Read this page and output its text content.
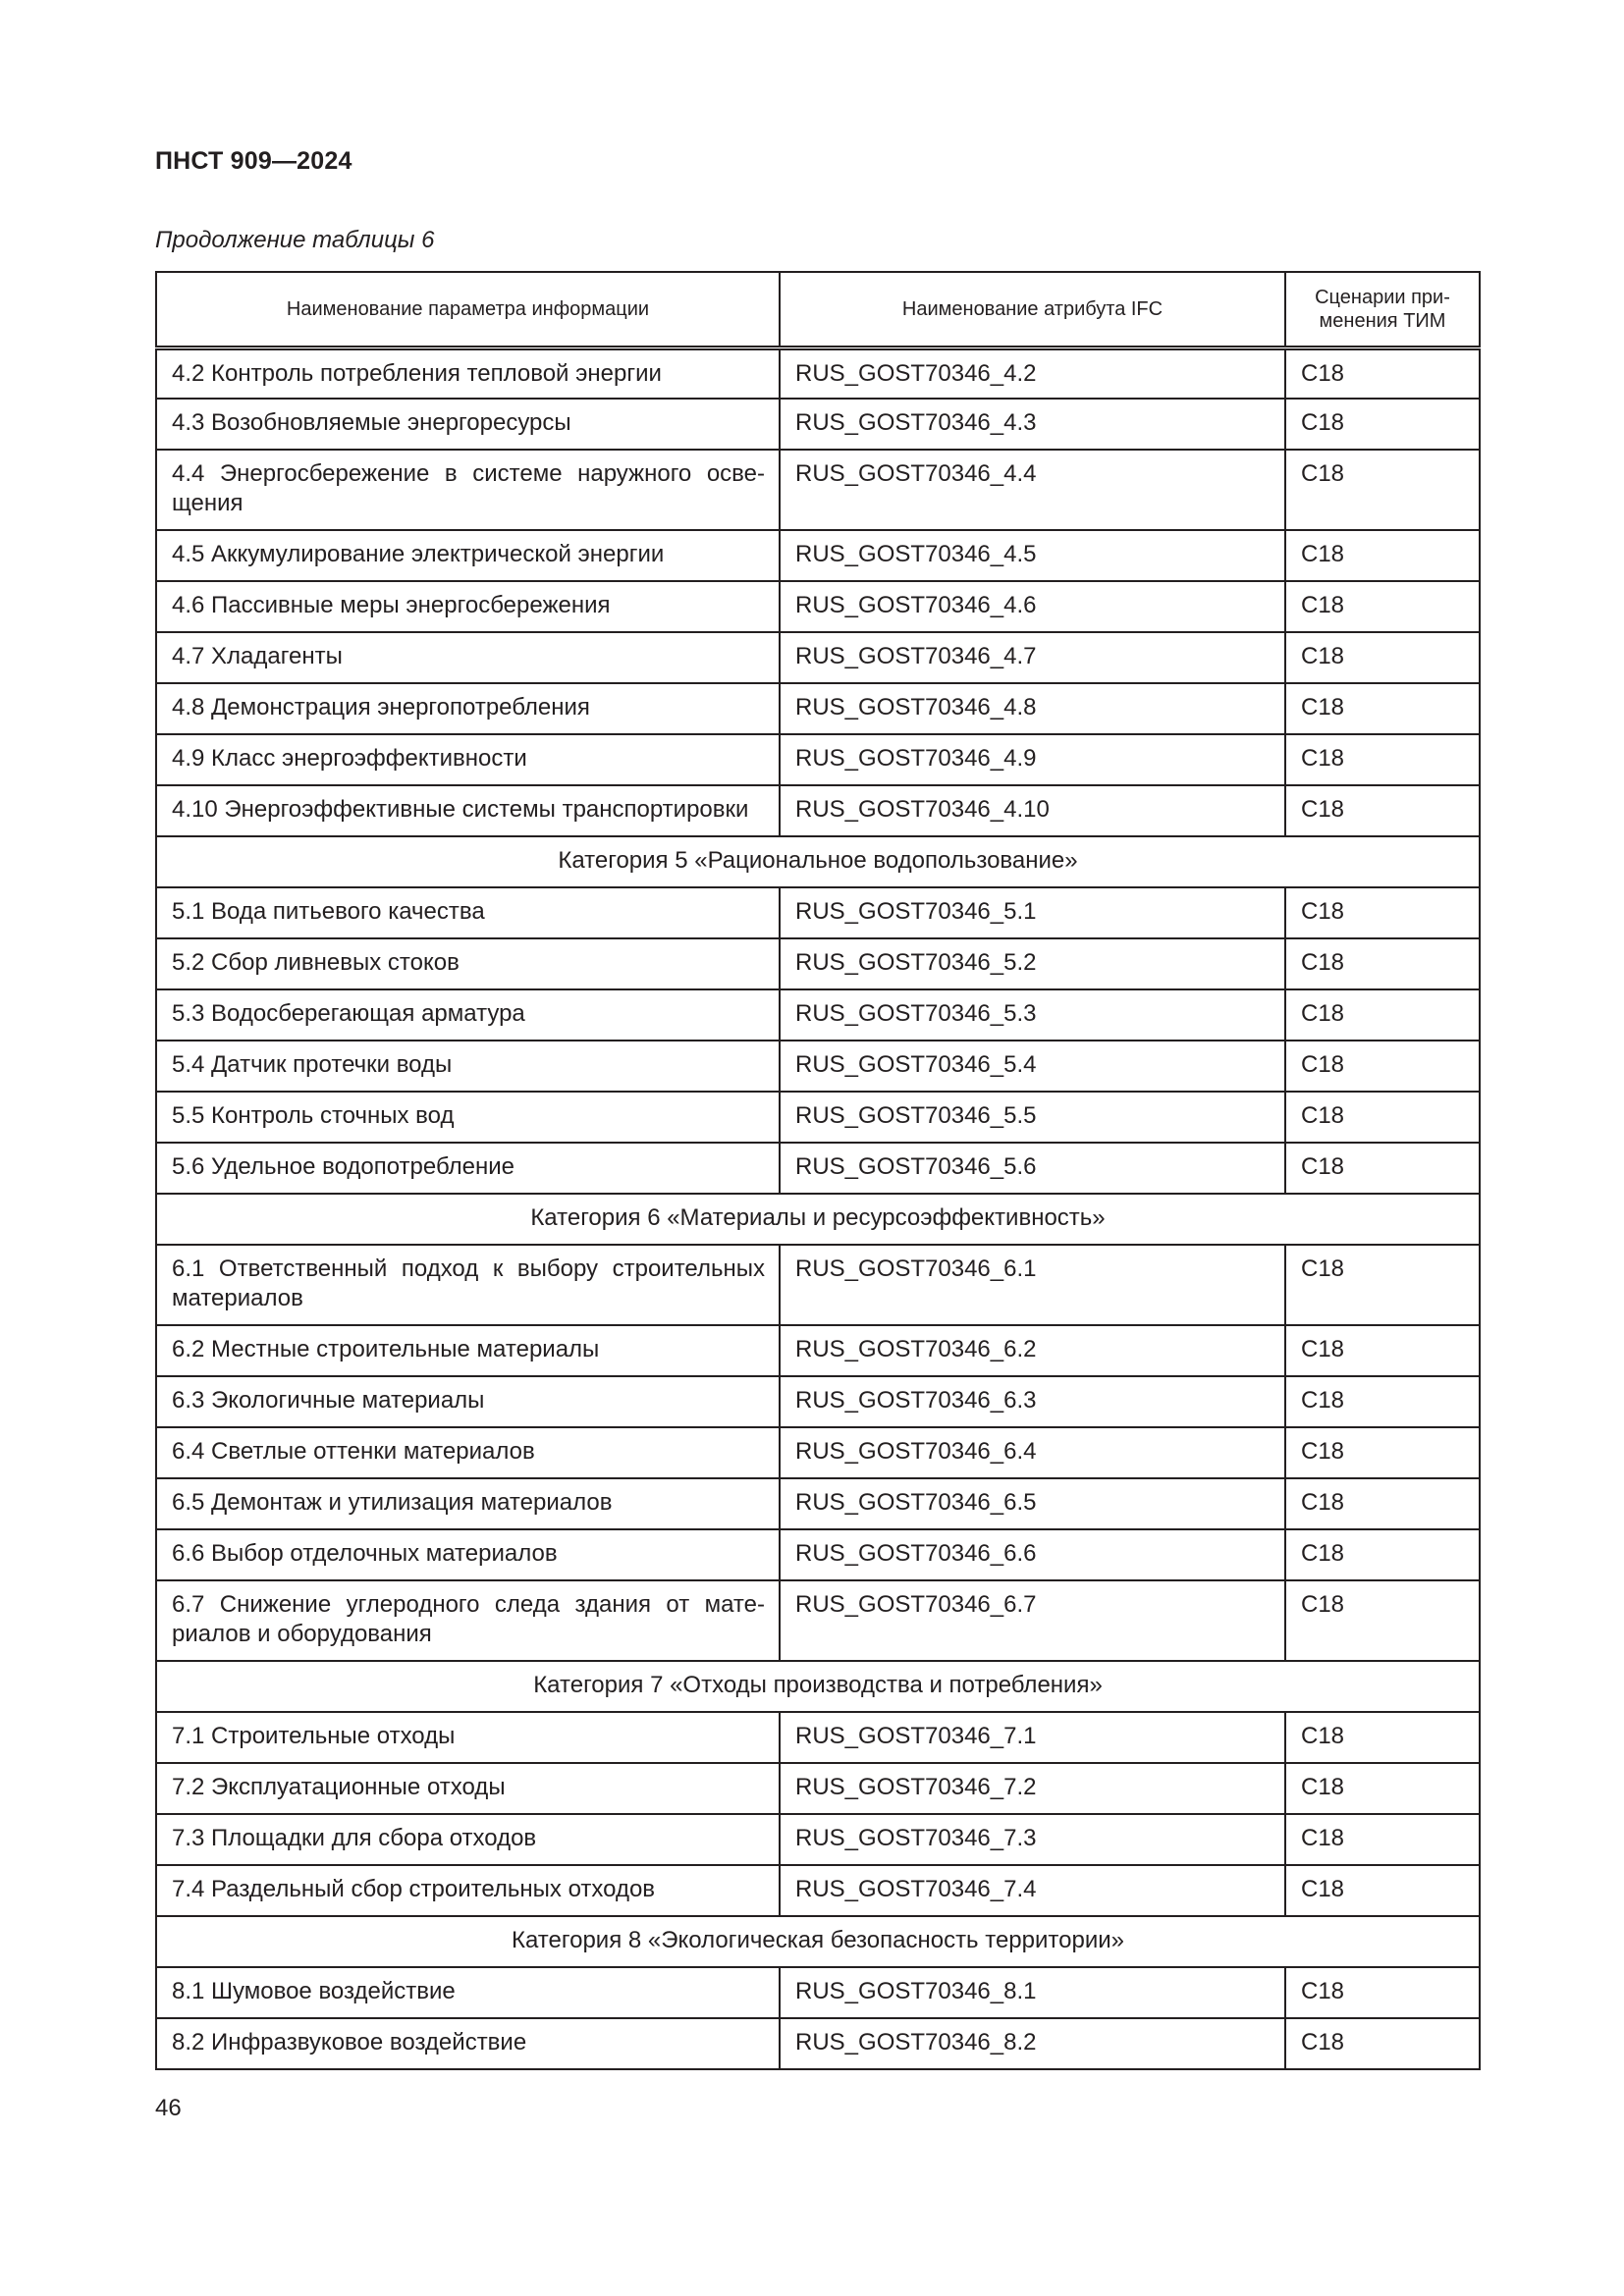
ПНСТ 909—2024

Продолжение таблицы 6

Наименование параметра информации	Наименование атрибута IFC	Сценарии при-
менения ТИМ
4.2 Контроль потребления тепловой энергии	RUS_GOST70346_4.2	C18
4.3 Возобновляемые энергоресурсы	RUS_GOST70346_4.3	C18
4.4 Энергосбережение в системе наружного осве-щения	RUS_GOST70346_4.4	C18
4.5 Аккумулирование электрической энергии	RUS_GOST70346_4.5	C18
4.6 Пассивные меры энергосбережения	RUS_GOST70346_4.6	C18
4.7 Хладагенты	RUS_GOST70346_4.7	C18
4.8 Демонстрация энергопотребления	RUS_GOST70346_4.8	C18
4.9 Класс энергоэффективности	RUS_GOST70346_4.9	C18
4.10 Энергоэффективные системы транспортировки	RUS_GOST70346_4.10	C18
Категория 5 «Рациональное водопользование»		
5.1 Вода питьевого качества	RUS_GOST70346_5.1	C18
5.2 Сбор ливневых стоков	RUS_GOST70346_5.2	C18
5.3 Водосберегающая арматура	RUS_GOST70346_5.3	C18
5.4 Датчик протечки воды	RUS_GOST70346_5.4	C18
5.5 Контроль сточных вод	RUS_GOST70346_5.5	C18
5.6 Удельное водопотребление	RUS_GOST70346_5.6	C18
Категория 6 «Материалы и ресурсоэффективность»		
6.1 Ответственный подход к выбору строительных материалов	RUS_GOST70346_6.1	C18
6.2 Местные строительные материалы	RUS_GOST70346_6.2	C18
6.3 Экологичные материалы	RUS_GOST70346_6.3	C18
6.4 Светлые оттенки материалов	RUS_GOST70346_6.4	C18
6.5 Демонтаж и утилизация материалов	RUS_GOST70346_6.5	C18
6.6 Выбор отделочных материалов	RUS_GOST70346_6.6	C18
6.7 Снижение углеродного следа здания от мате-риалов и оборудования	RUS_GOST70346_6.7	C18
Категория 7 «Отходы производства и потребления»		
7.1 Строительные отходы	RUS_GOST70346_7.1	C18
7.2 Эксплуатационные отходы	RUS_GOST70346_7.2	C18
7.3 Площадки для сбора отходов	RUS_GOST70346_7.3	C18
7.4 Раздельный сбор строительных отходов	RUS_GOST70346_7.4	C18
Категория 8 «Экологическая безопасность территории»		
8.1 Шумовое воздействие	RUS_GOST70346_8.1	C18
8.2 Инфразвуковое воздействие	RUS_GOST70346_8.2	C18

46
